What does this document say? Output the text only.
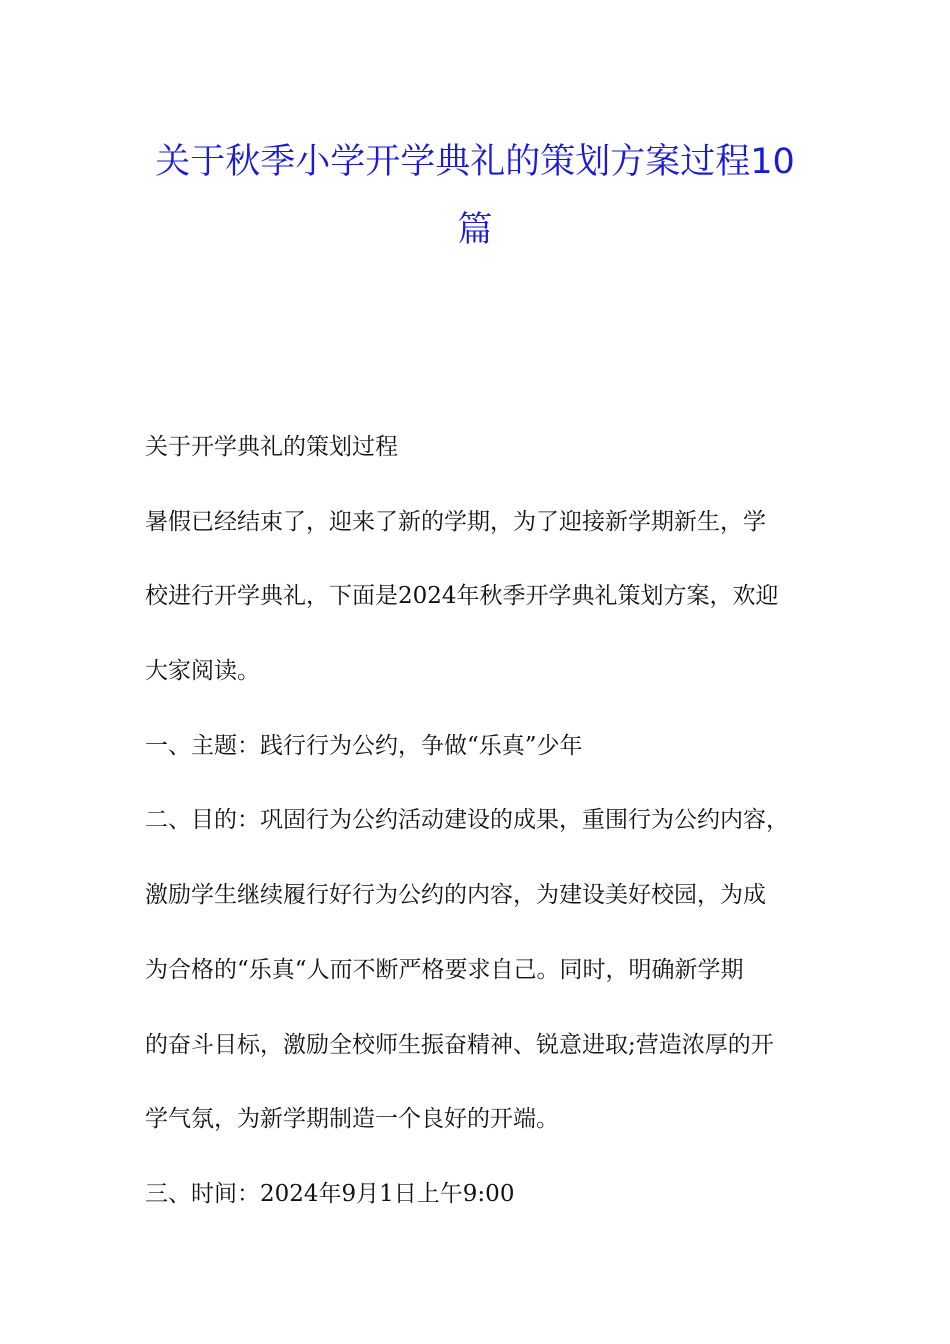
关于秋季小学开学典礼的策划方案过程10
篇
关于开学典礼的策划过程
暑假已经结束了，迎来了新的学期，为了迎接新学期新生，学
校进行开学典礼，下面是2024年秋季开学典礼策划方案，欢迎
大家阅读。
一、主题：践行行为公约，争做“乐真”少年
二、目的：巩固行为公约活动建设的成果，重围行为公约内容，
激励学生继续履行好行为公约的内容，为建设美好校园，为成
为合格的“乐真“人而不断严格要求自己。同时，明确新学期
的奋斗目标，激励全校师生振奋精神、锐意进取;营造浓厚的开
学气氛，为新学期制造一个良好的开端。
三、时间：2024年9月1日上午9:00
